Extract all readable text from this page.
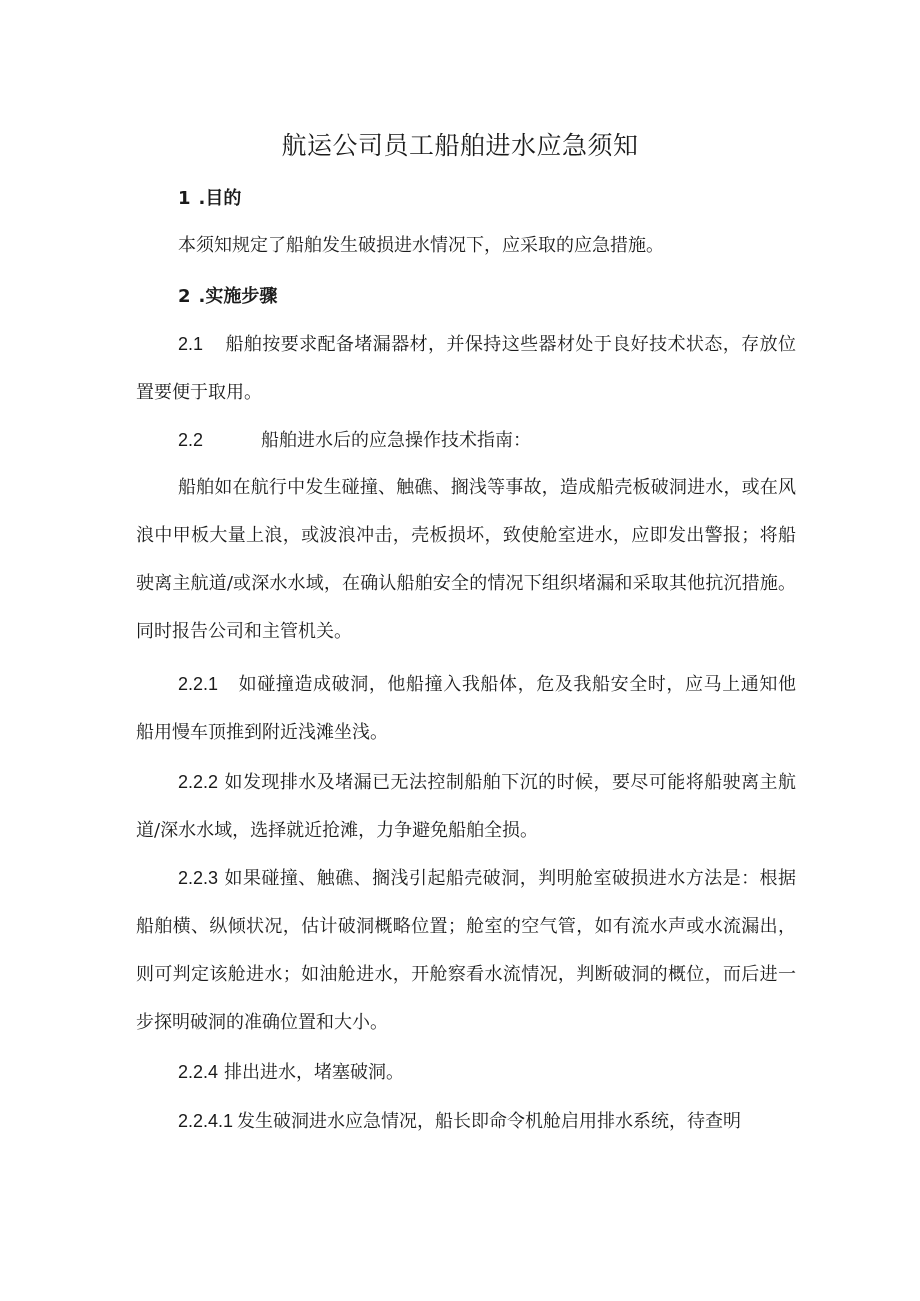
航运公司员工船舶进水应急须知
1 .目的
本须知规定了船舶发生破损进水情况下，应采取的应急措施。
2 .实施步骤
2.1 船舶按要求配备堵漏器材，并保持这些器材处于良好技术状态，存放位置要便于取用。
2.2	船舶进水后的应急操作技术指南：
船舶如在航行中发生碰撞、触礁、搁浅等事故，造成船壳板破洞进水，或在风浪中甲板大量上浪，或波浪冲击，壳板损坏，致使舱室进水，应即发出警报；将船驶离主航道/或深水水域，在确认船舶安全的情况下组织堵漏和采取其他抗沉措施。同时报告公司和主管机关。
2.2.1 如碰撞造成破洞，他船撞入我船体，危及我船安全时，应马上通知他船用慢车顶推到附近浅滩坐浅。
2.2.2 如发现排水及堵漏已无法控制船舶下沉的时候，要尽可能将船驶离主航道/深水水域，选择就近抢滩，力争避免船舶全损。
2.2.3 如果碰撞、触礁、搁浅引起船壳破洞，判明舱室破损进水方法是：根据船舶横、纵倾状况，估计破洞概略位置；舱室的空气管，如有流水声或水流漏出，则可判定该舱进水；如油舱进水，开舱察看水流情况，判断破洞的概位，而后进一步探明破洞的准确位置和大小。
2.2.4 排出进水，堵塞破洞。
2.2.4.1 发生破洞进水应急情况，船长即命令机舱启用排水系统，待查明
